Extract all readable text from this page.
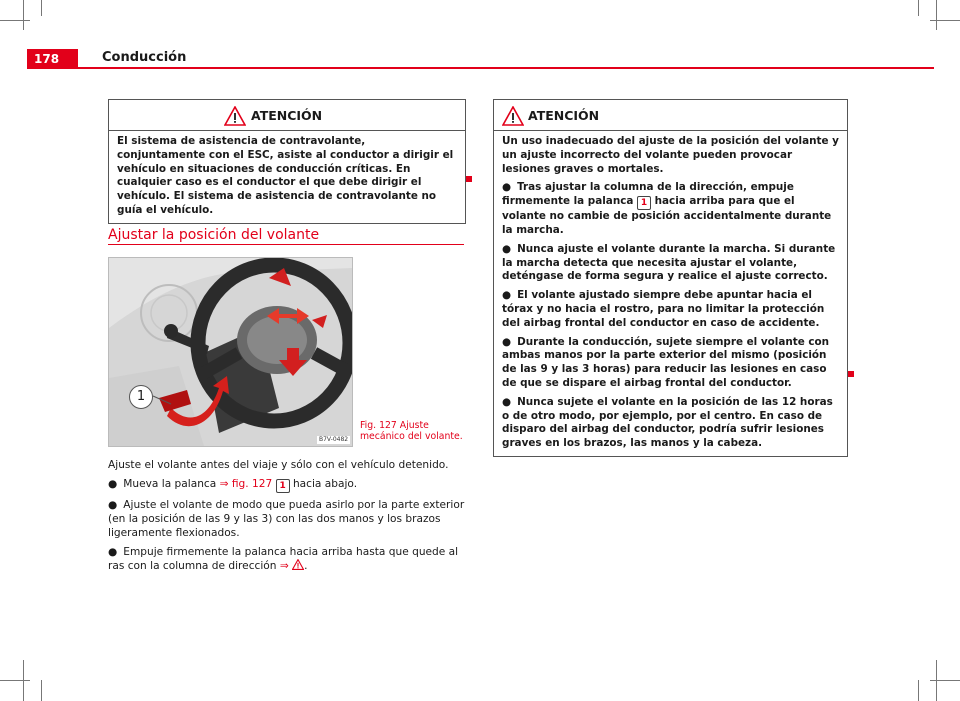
178	Conducción
ATENCIÓN

El sistema de asistencia de contravolante, conjuntamente con el ESC, asiste al conductor a dirigir el vehículo en situaciones de conducción críticas. En cualquier caso es el conductor el que debe dirigir el vehículo. El sistema de asistencia de contravolante no guía el vehículo.

Ajustar la posición del volante
1
B7V-0482
Fig. 127 Ajuste mecánico del volante.

Ajuste el volante antes del viaje y sólo con el vehículo detenido.

● Mueva la palanca ⇒ fig. 127 1 hacia abajo.

● Ajuste el volante de modo que pueda asirlo por la parte exterior (en la posición de las 9 y las 3) con las dos manos y los brazos ligeramente flexionados.

● Empuje firmemente la palanca hacia arriba hasta que quede al ras con la columna de dirección ⇒ .

ATENCIÓN

Un uso inadecuado del ajuste de la posición del volante y un ajuste incorrecto del volante pueden provocar lesiones graves o mortales.

● Tras ajustar la columna de la dirección, empuje firmemente la palanca 1 hacia arriba para que el volante no cambie de posición accidentalmente durante la marcha.

● Nunca ajuste el volante durante la marcha. Si durante la marcha detecta que necesita ajustar el volante, deténgase de forma segura y realice el ajuste correcto.

● El volante ajustado siempre debe apuntar hacia el tórax y no hacia el rostro, para no limitar la protección del airbag frontal del conductor en caso de accidente.

● Durante la conducción, sujete siempre el volante con ambas manos por la parte exterior del mismo (posición de las 9 y las 3 horas) para reducir las lesiones en caso de que se dispare el airbag frontal del conductor.

● Nunca sujete el volante en la posición de las 12 horas o de otro modo, por ejemplo, por el centro. En caso de disparo del airbag del conductor, podría sufrir lesiones graves en los brazos, las manos y la cabeza.
